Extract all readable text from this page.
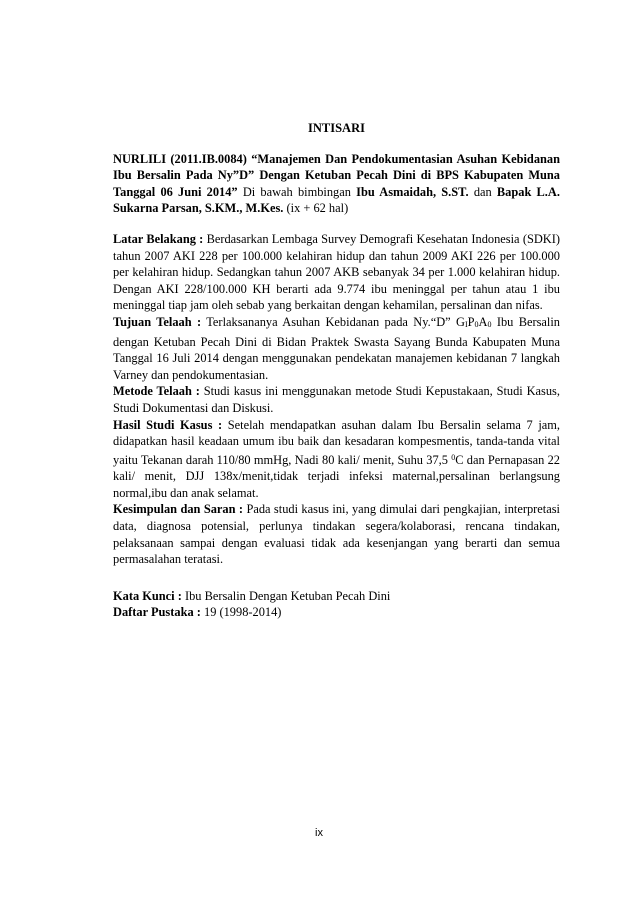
INTISARI

NURLILI (2011.IB.0084) “Manajemen Dan Pendokumentasian Asuhan Kebidanan Ibu Bersalin Pada Ny”D” Dengan Ketuban Pecah Dini di BPS Kabupaten Muna Tanggal 06 Juni 2014” Di bawah bimbingan Ibu Asmaidah, S.ST. dan Bapak L.A. Sukarna Parsan, S.KM., M.Kes. (ix + 62 hal)

Latar Belakang : Berdasarkan Lembaga Survey Demografi Kesehatan Indonesia (SDKI) tahun 2007 AKI 228 per 100.000 kelahiran hidup dan tahun 2009 AKI 226 per 100.000 per kelahiran hidup. Sedangkan tahun 2007 AKB sebanyak 34 per 1.000 kelahiran hidup. Dengan AKI 228/100.000 KH berarti ada 9.774 ibu meninggal per tahun atau 1 ibu meninggal tiap jam oleh sebab yang berkaitan dengan kehamilan, persalinan dan nifas.

Tujuan Telaah : Terlaksananya Asuhan Kebidanan pada Ny.“D” $G_IP_0A_0$ Ibu Bersalin dengan Ketuban Pecah Dini di Bidan Praktek Swasta Sayang Bunda Kabupaten Muna Tanggal 16 Juli 2014 dengan menggunakan pendekatan manajemen kebidanan 7 langkah Varney dan pendokumentasian.

Metode Telaah : Studi kasus ini menggunakan metode Studi Kepustakaan, Studi Kasus, Studi Dokumentasi dan Diskusi.

Hasil Studi Kasus : Setelah mendapatkan asuhan dalam Ibu Bersalin selama 7 jam, didapatkan hasil keadaan umum ibu baik dan kesadaran kompesmentis, tanda-tanda vital yaitu Tekanan darah 110/80 mmHg, Nadi 80 kali/ menit, Suhu 37,5 $^0$C dan Pernapasan 22 kali/ menit, DJJ 138x/menit,tidak terjadi infeksi maternal,persalinan berlangsung normal,ibu dan anak selamat.

Kesimpulan dan Saran : Pada studi kasus ini, yang dimulai dari pengkajian, interpretasi data, diagnosa potensial, perlunya tindakan segera/kolaborasi, rencana tindakan, pelaksanaan sampai dengan evaluasi tidak ada kesenjangan yang berarti dan semua permasalahan teratasi.

Kata Kunci : Ibu Bersalin Dengan Ketuban Pecah Dini

Daftar Pustaka : 19 (1998-2014)

ix
